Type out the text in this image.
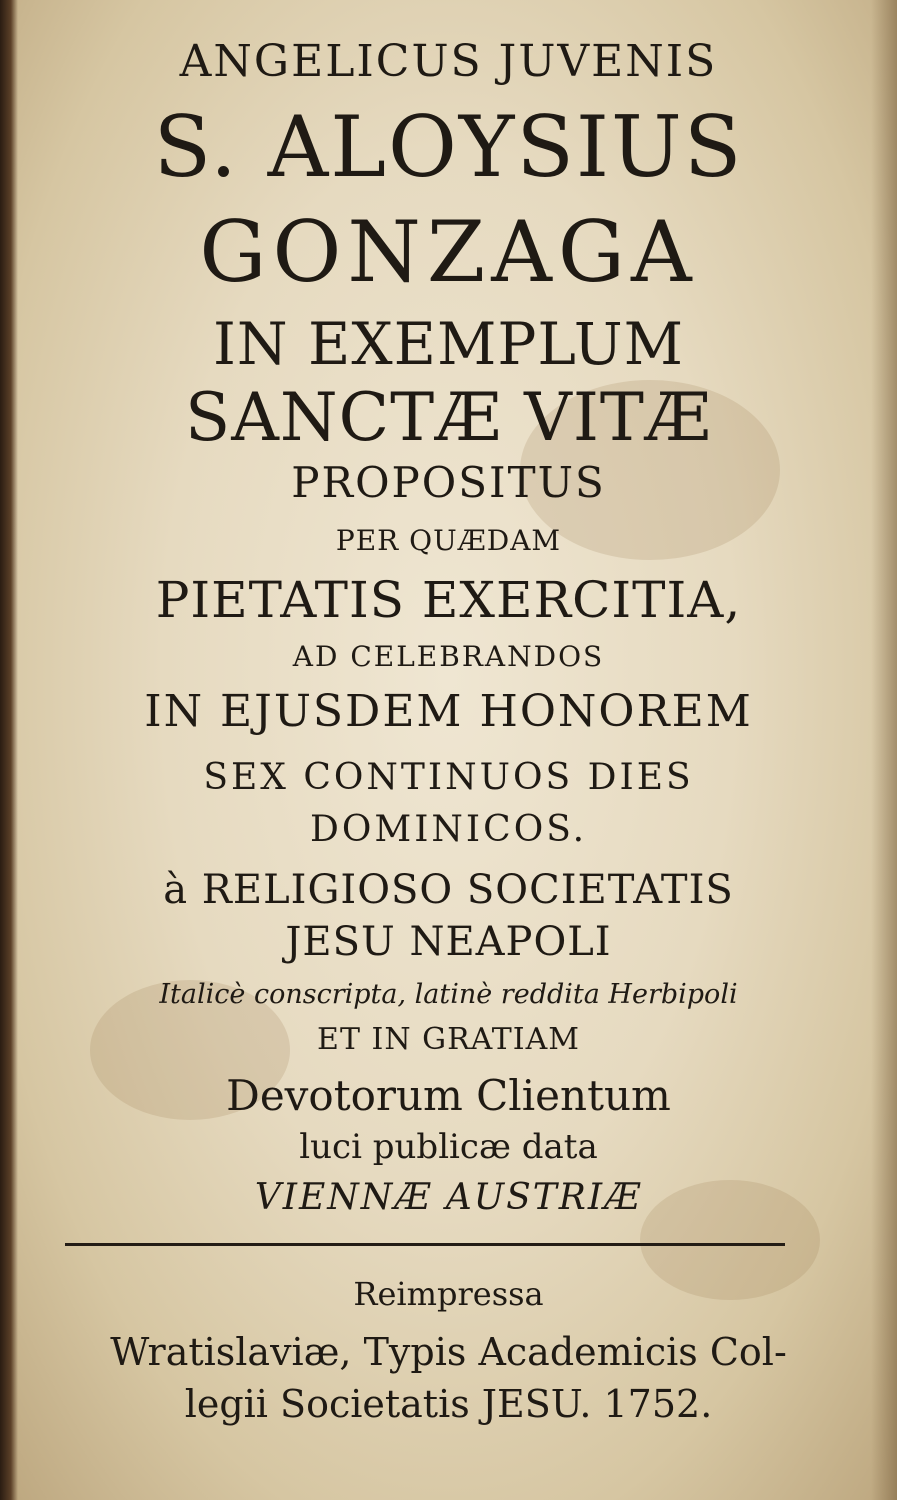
ANGELICUS JUVENIS
S. ALOYSIUS
GONZAGA
IN EXEMPLUM
SANCTÆ VITÆ
PROPOSITUS
PER QUÆDAM
PIETATIS EXERCITIA,
AD CELEBRANDOS
IN EJUSDEM HONOREM
SEX CONTINUOS DIES
DOMINICOS.
à RELIGIOSO SOCIETATIS
JESU NEAPOLI
Italicè conscripta, latinè reddita Herbipoli
ET IN GRATIAM
Devotorum Clientum
luci publicæ data
VIENNÆ AUSTRIÆ
Reimpressa
Wratislaviæ, Typis Academicis Col-
legii Societatis JESU. 1752.
